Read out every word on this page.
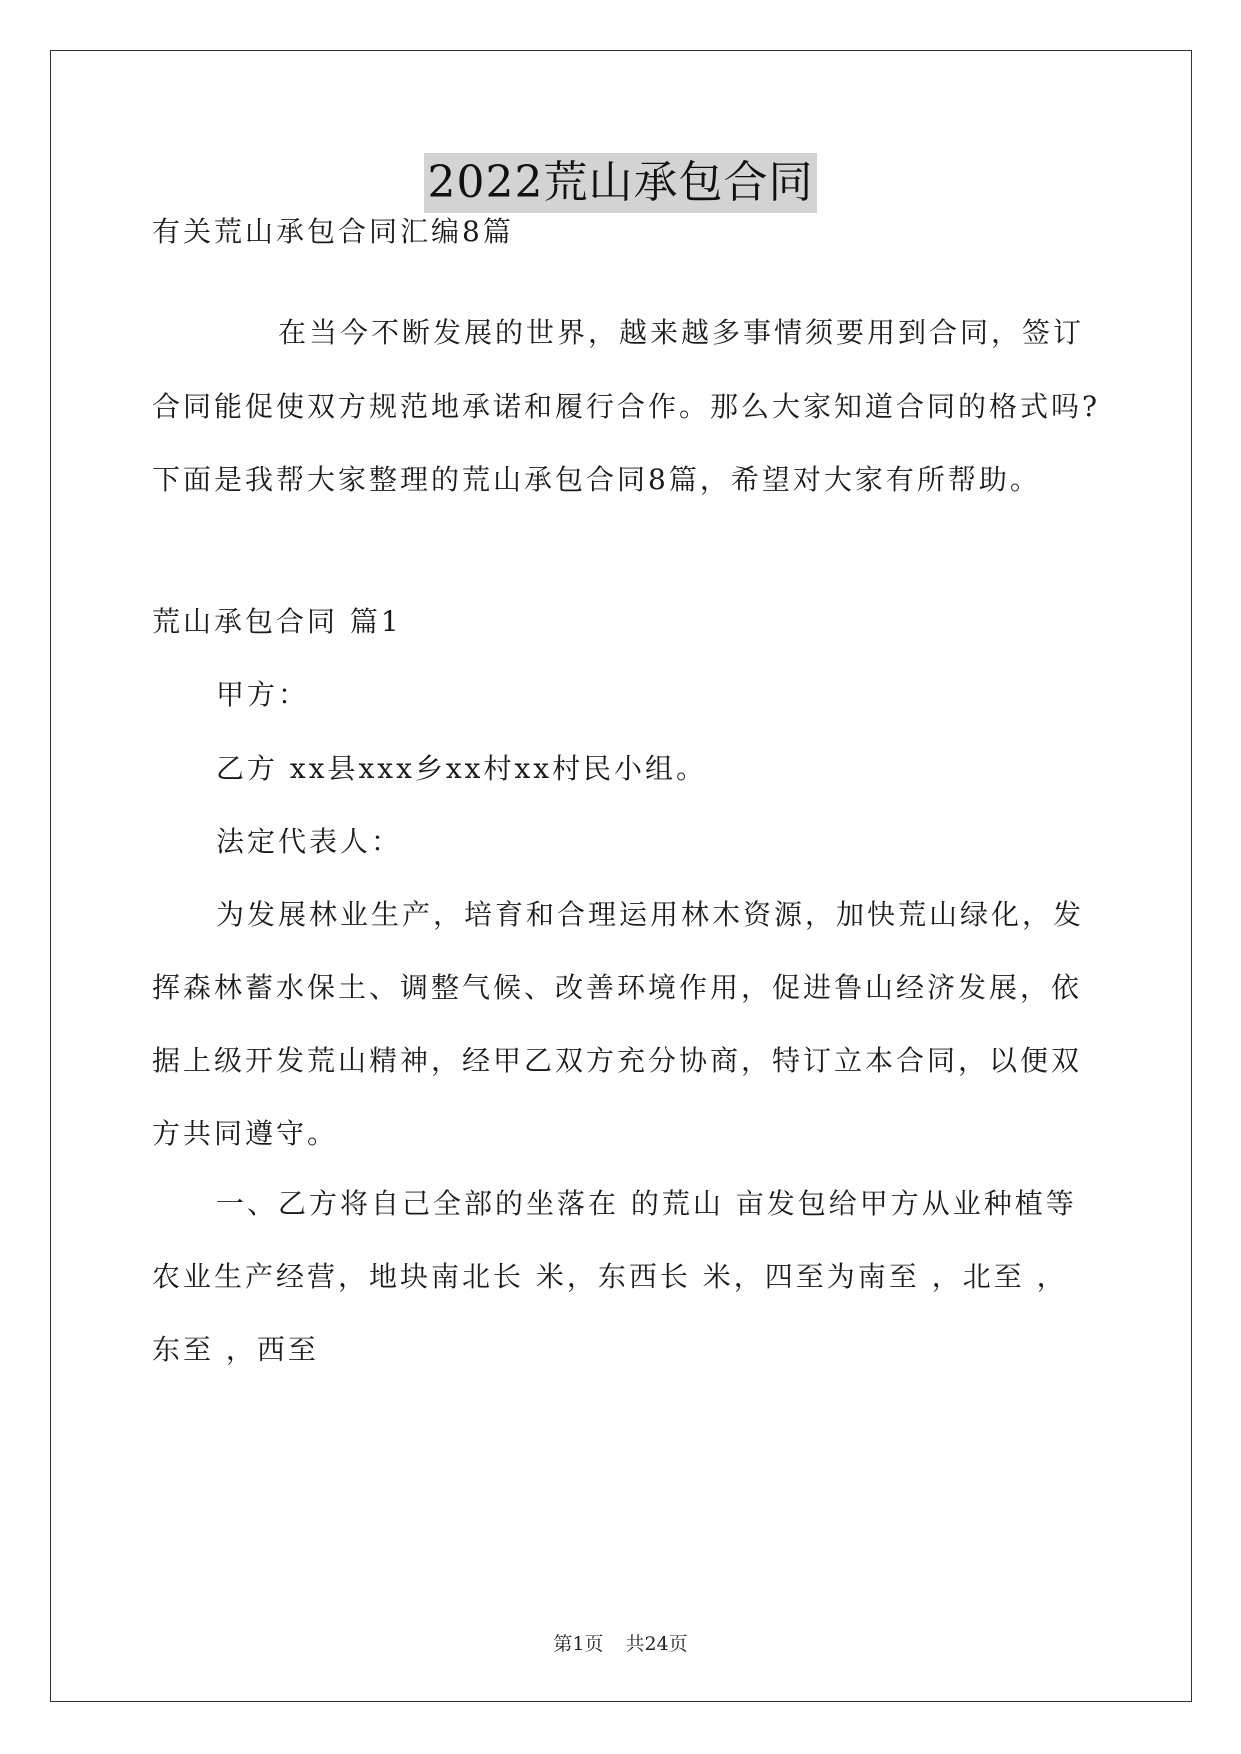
2022荒山承包合同
有关荒山承包合同汇编8篇
在当今不断发展的世界，越来越多事情须要用到合同，签订
合同能促使双方规范地承诺和履行合作。那么大家知道合同的格式吗?
下面是我帮大家整理的荒山承包合同8篇，希望对大家有所帮助。
荒山承包合同 篇1
甲方：
乙方 xx县xxx乡xx村xx村民小组。
法定代表人：
为发展林业生产，培育和合理运用林木资源，加快荒山绿化，发
挥森林蓄水保土、调整气候、改善环境作用，促进鲁山经济发展，依
据上级开发荒山精神，经甲乙双方充分协商，特订立本合同，以便双
方共同遵守。
一、乙方将自己全部的坐落在 的荒山 亩发包给甲方从业种植等
农业生产经营，地块南北长 米，东西长 米，四至为南至 ，北至 ，
东至 ，西至
第1页 共24页
